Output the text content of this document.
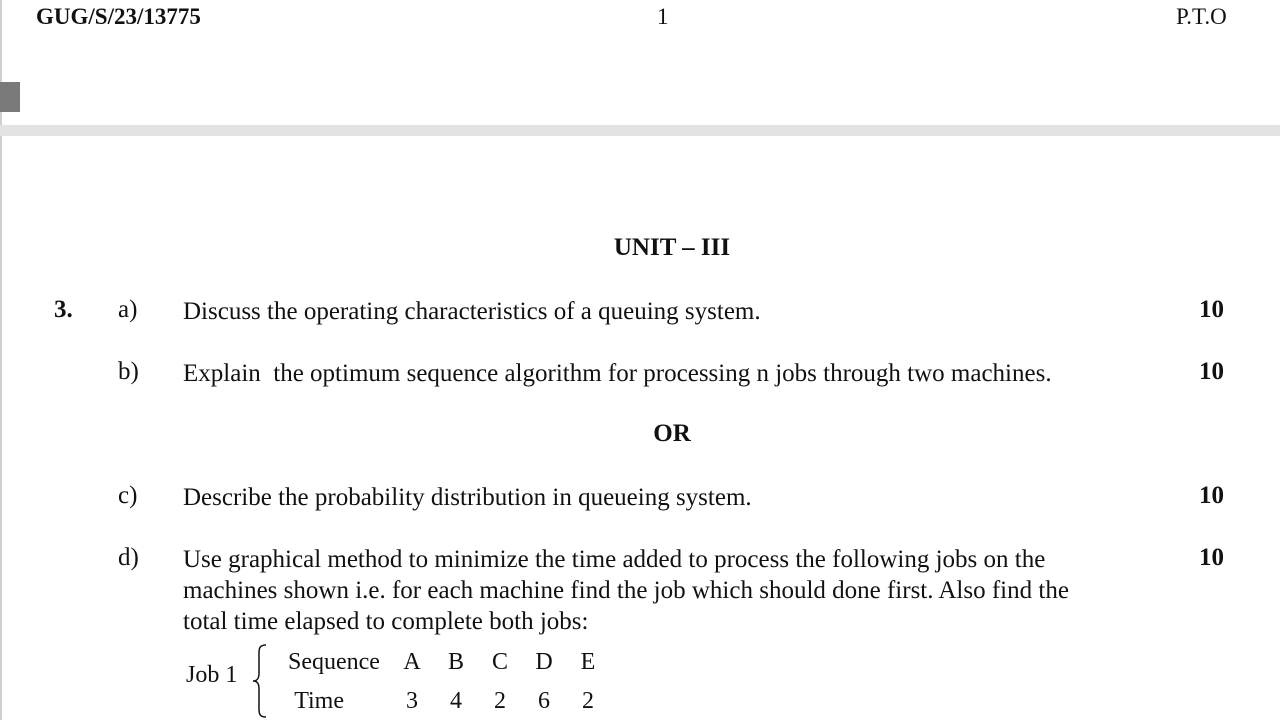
GUG/S/23/13775	1	P.T.O
UNIT – III
3. a) Discuss the operating characteristics of a queuing system.	10
b) Explain  the optimum sequence algorithm for processing n jobs through two machines.	10
OR
c) Describe the probability distribution in queueing system.	10
d) Use graphical method to minimize the time added to process the following jobs on the
machines shown i.e. for each machine find the job which should done first. Also find the
total time elapsed to complete both jobs:
10
Job 1 Sequence	A	B	C	D	E
Time	3	4	2	6	2
